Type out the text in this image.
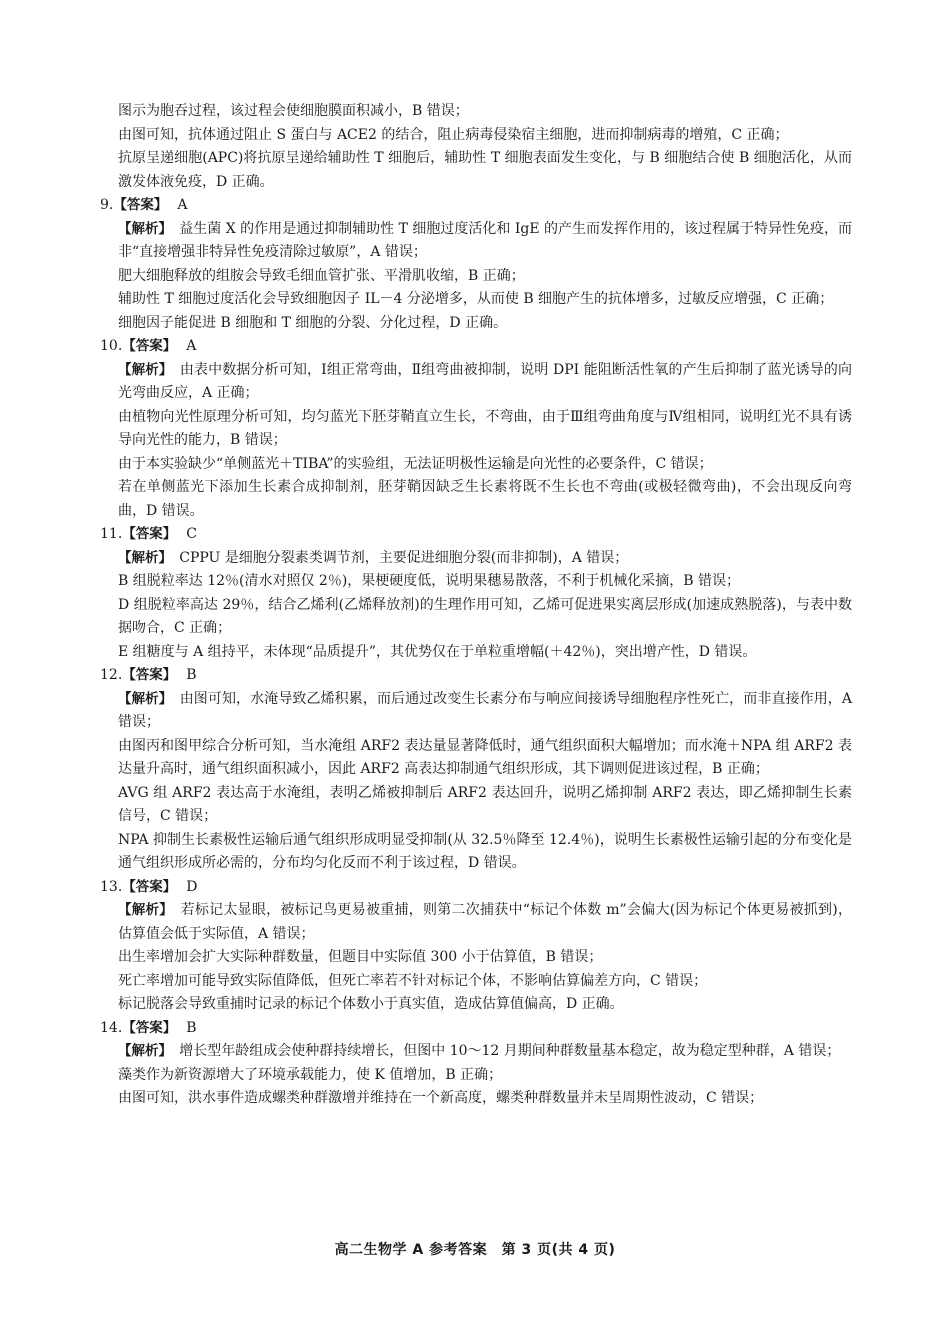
图示为胞吞过程，该过程会使细胞膜面积减小，B 错误；

由图可知，抗体通过阻止 S 蛋白与 ACE2 的结合，阻止病毒侵染宿主细胞，进而抑制病毒的增殖，C 正确；

抗原呈递细胞(APC)将抗原呈递给辅助性 T 细胞后，辅助性 T 细胞表面发生变化，与 B 细胞结合使 B 细胞活化，从而激发体液免疫，D 正确。

9.【答案】 A

【解析】　 益生菌 X 的作用是通过抑制辅助性 T 细胞过度活化和 IgE 的产生而发挥作用的，该过程属于特异性免疫，而非“直接增强非特异性免疫清除过敏原”，A 错误；

肥大细胞释放的组胺会导致毛细血管扩张、平滑肌收缩，B 正确；

辅助性 T 细胞过度活化会导致细胞因子 IL－4 分泌增多，从而使 B 细胞产生的抗体增多，过敏反应增强，C 正确；

细胞因子能促进 B 细胞和 T 细胞的分裂、分化过程，D 正确。

10.【答案】 A

【解析】　 由表中数据分析可知，Ⅰ组正常弯曲，Ⅱ组弯曲被抑制，说明 DPI 能阻断活性氧的产生后抑制了蓝光诱导的向光弯曲反应，A 正确；

由植物向光性原理分析可知，均匀蓝光下胚芽鞘直立生长，不弯曲，由于Ⅲ组弯曲角度与Ⅳ组相同，说明红光不具有诱导向光性的能力，B 错误；

由于本实验缺少“单侧蓝光＋TIBA”的实验组，无法证明极性运输是向光性的必要条件，C 错误；

若在单侧蓝光下添加生长素合成抑制剂，胚芽鞘因缺乏生长素将既不生长也不弯曲(或极轻微弯曲)，不会出现反向弯曲，D 错误。

11.【答案】 C

【解析】　 CPPU 是细胞分裂素类调节剂，主要促进细胞分裂(而非抑制)，A 错误；

B 组脱粒率达 12％(清水对照仅 2％)，果梗硬度低，说明果穗易散落，不利于机械化采摘，B 错误；

D 组脱粒率高达 29％，结合乙烯利(乙烯释放剂)的生理作用可知，乙烯可促进果实离层形成(加速成熟脱落)，与表中数据吻合，C 正确；

E 组糖度与 A 组持平，未体现“品质提升”，其优势仅在于单粒重增幅(＋42％)，突出增产性，D 错误。

12.【答案】 B

【解析】　 由图可知，水淹导致乙烯积累，而后通过改变生长素分布与响应间接诱导细胞程序性死亡，而非直接作用，A 错误；

由图丙和图甲综合分析可知，当水淹组 ARF2 表达量显著降低时，通气组织面积大幅增加；而水淹＋NPA 组 ARF2 表达量升高时，通气组织面积减小，因此 ARF2 高表达抑制通气组织形成，其下调则促进该过程，B 正确；

AVG 组 ARF2 表达高于水淹组，表明乙烯被抑制后 ARF2 表达回升，说明乙烯抑制 ARF2 表达，即乙烯抑制生长素信号，C 错误；

NPA 抑制生长素极性运输后通气组织形成明显受抑制(从 32.5％降至 12.4％)，说明生长素极性运输引起的分布变化是通气组织形成所必需的，分布均匀化反而不利于该过程，D 错误。

13.【答案】 D

【解析】　 若标记太显眼，被标记鸟更易被重捕，则第二次捕获中“标记个体数 m”会偏大(因为标记个体更易被抓到)，估算值会低于实际值，A 错误；

出生率增加会扩大实际种群数量，但题目中实际值 300 小于估算值，B 错误；

死亡率增加可能导致实际值降低，但死亡率若不针对标记个体，不影响估算偏差方向，C 错误；

标记脱落会导致重捕时记录的标记个体数小于真实值，造成估算值偏高，D 正确。

14.【答案】 B

【解析】　 增长型年龄组成会使种群持续增长，但图中 10～12 月期间种群数量基本稳定，故为稳定型种群，A 错误；

藻类作为新资源增大了环境承载能力，使 K 值增加，B 正确；

由图可知，洪水事件造成螺类种群激增并维持在一个新高度，螺类种群数量并未呈周期性波动，C 错误；

高二生物学 A 参考答案　第 3 页(共 4 页)
